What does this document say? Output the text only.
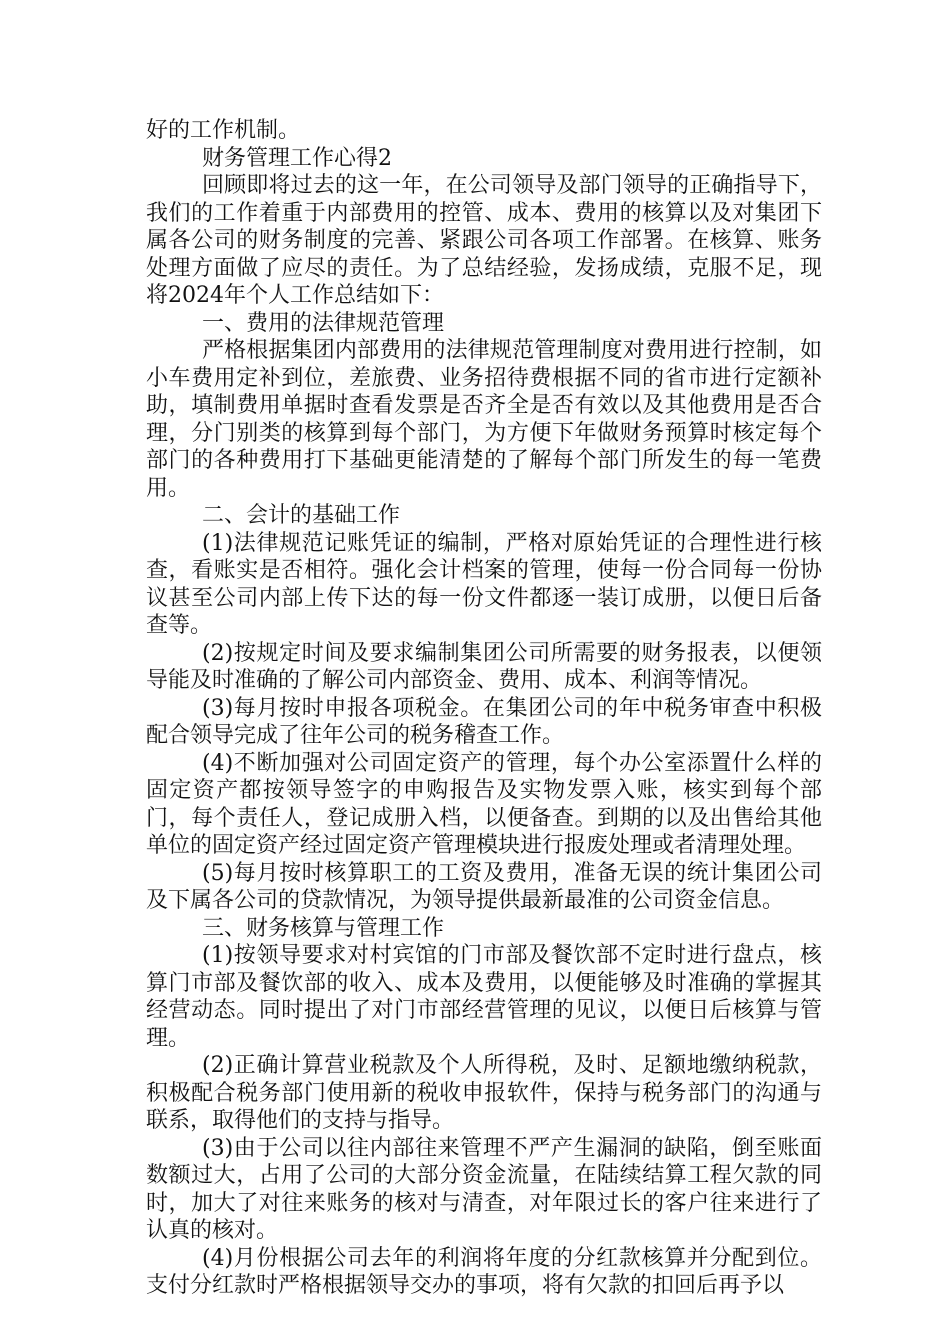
好的工作机制。

财务管理工作心得2

回顾即将过去的这一年，在公司领导及部门领导的正确指导下，我们的工作着重于内部费用的控管、成本、费用的核算以及对集团下属各公司的财务制度的完善、紧跟公司各项工作部署。在核算、账务处理方面做了应尽的责任。为了总结经验，发扬成绩，克服不足，现将2024年个人工作总结如下：

一、费用的法律规范管理

严格根据集团内部费用的法律规范管理制度对费用进行控制，如小车费用定补到位，差旅费、业务招待费根据不同的省市进行定额补助，填制费用单据时查看发票是否齐全是否有效以及其他费用是否合理，分门别类的核算到每个部门，为方便下年做财务预算时核定每个部门的各种费用打下基础更能清楚的了解每个部门所发生的每一笔费用。

二、会计的基础工作

(1)法律规范记账凭证的编制，严格对原始凭证的合理性进行核查，看账实是否相符。强化会计档案的管理，使每一份合同每一份协议甚至公司内部上传下达的每一份文件都逐一装订成册，以便日后备查等。

(2)按规定时间及要求编制集团公司所需要的财务报表，以便领导能及时准确的了解公司内部资金、费用、成本、利润等情况。

(3)每月按时申报各项税金。在集团公司的年中税务审查中积极配合领导完成了往年公司的税务稽查工作。

(4)不断加强对公司固定资产的管理，每个办公室添置什么样的固定资产都按领导签字的申购报告及实物发票入账，核实到每个部门，每个责任人，登记成册入档，以便备查。到期的以及出售给其他单位的固定资产经过固定资产管理模块进行报废处理或者清理处理。

(5)每月按时核算职工的工资及费用，准备无误的统计集团公司及下属各公司的贷款情况，为领导提供最新最准的公司资金信息。

三、财务核算与管理工作

(1)按领导要求对村宾馆的门市部及餐饮部不定时进行盘点，核算门市部及餐饮部的收入、成本及费用，以便能够及时准确的掌握其经营动态。同时提出了对门市部经营管理的见议，以便日后核算与管理。

(2)正确计算营业税款及个人所得税，及时、足额地缴纳税款，积极配合税务部门使用新的税收申报软件，保持与税务部门的沟通与联系，取得他们的支持与指导。

(3)由于公司以往内部往来管理不严产生漏洞的缺陷，倒至账面数额过大，占用了公司的大部分资金流量，在陆续结算工程欠款的同时，加大了对往来账务的核对与清查，对年限过长的客户往来进行了认真的核对。

(4)月份根据公司去年的利润将年度的分红款核算并分配到位。支付分红款时严格根据领导交办的事项，将有欠款的扣回后再予以
